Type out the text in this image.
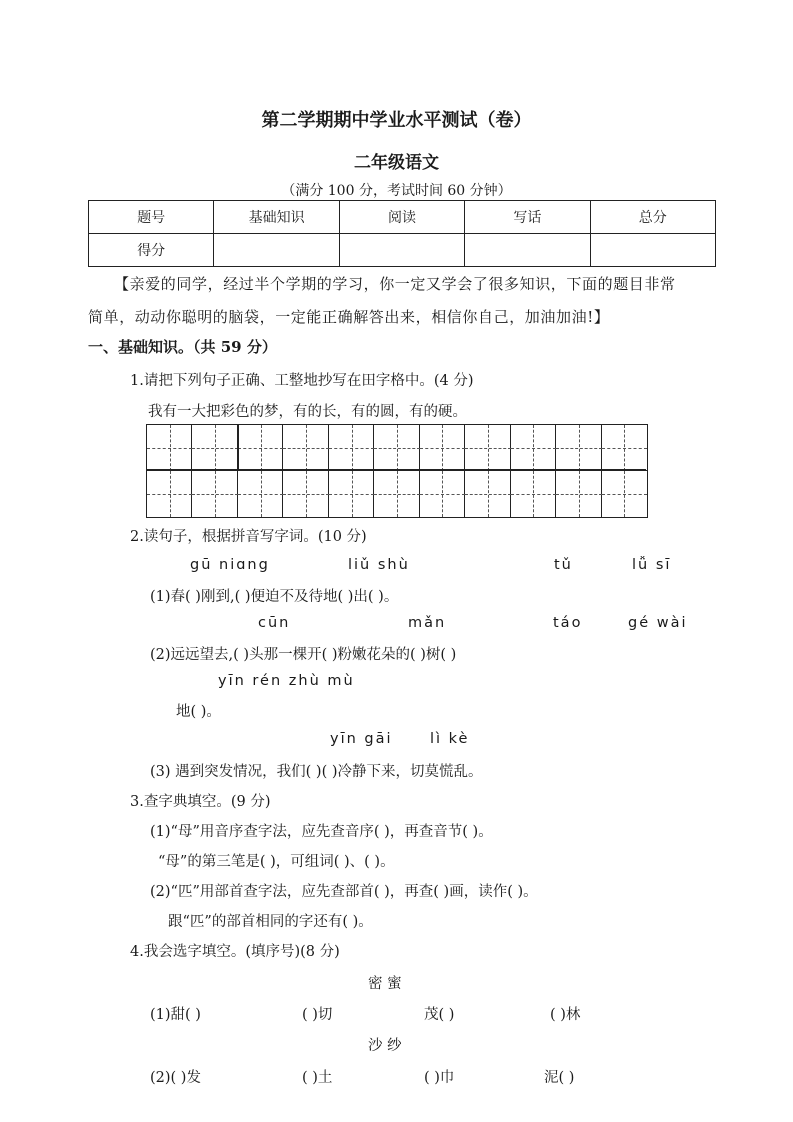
第二学期期中学业水平测试（卷）
二年级语文
（满分 100 分，考试时间 60 分钟）
题号	基础知识	阅读	写话	总分
得分				
【亲爱的同学，经过半个学期的学习，你一定又学会了很多知识，下面的题目非常
简单，动动你聪明的脑袋，一定能正确解答出来，相信你自己，加油加油!】
一、基础知识。（共 59 分）
1.请把下列句子正确、工整地抄写在田字格中。(4 分)
我有一大把彩色的梦，有的长，有的圆，有的硬。
2.读句子，根据拼音写字词。(10 分)
gū niɑng	liǔ shù	tǔ	lǚ sī
(1)春( )刚到,( )便迫不及待地( )出( )。
cūn	mǎn	táo	gé wài
(2)远远望去,( )头那一棵开( )粉嫩花朵的( )树( )
yīn rén zhù mù
地( )。
yīn gāi	lì kè
(3) 遇到突发情况，我们( )( )冷静下来，切莫慌乱。
3.查字典填空。(9 分)
(1)“母”用音序查字法，应先查音序( )，再查音节( )。
“母”的第三笔是( )，可组词( )、( )。
(2)“匹”用部首查字法，应先查部首( )，再查( )画，读作( )。
跟“匹”的部首相同的字还有( )。
4.我会选字填空。(填序号)(8 分)
密 蜜
(1)甜( )	( )切	茂( )	( )林
沙 纱
(2)( )发	( )土	( )巾	泥( )
